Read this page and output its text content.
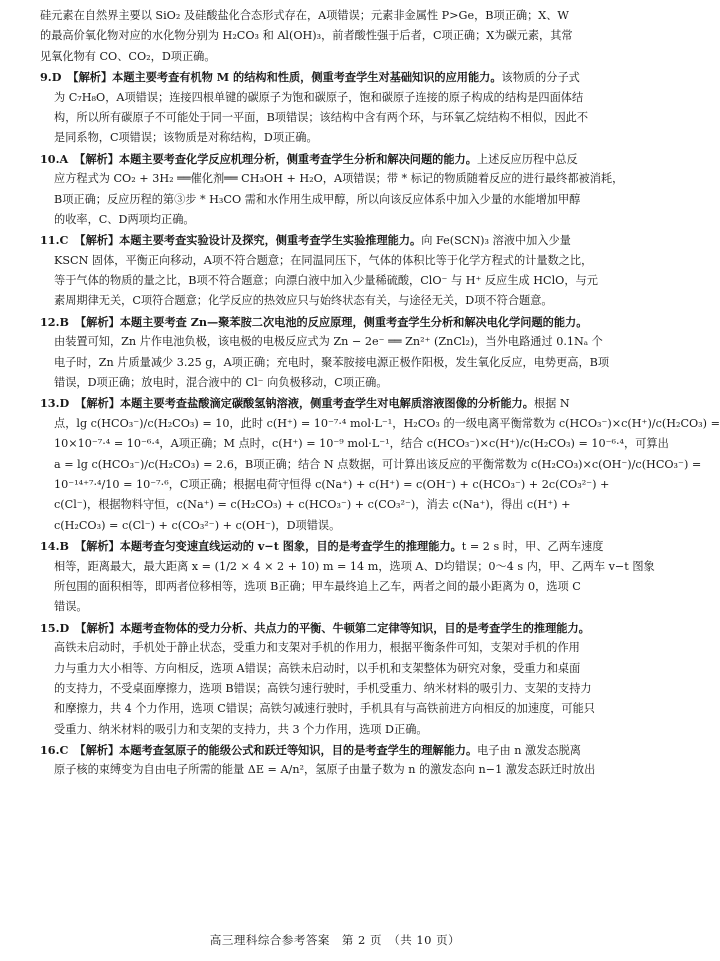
硅元素在自然界主要以 SiO₂ 及硅酸盐化合态形式存在，A项错误；元素非金属性 P>Ge，B项正确；X、W
的最高价氧化物对应的水化物分别为 H₂CO₃ 和 Al(OH)₃，前者酸性强于后者，C项正确；X为碳元素，其常
见氧化物有 CO、CO₂，D项正确。
9.D 【解析】本题主要考查有机物 M 的结构和性质，侧重考查学生对基础知识的应用能力。该物质的分子式
为 C₇H₈O，A项错误；连接四根单键的碳原子为饱和碳原子，饱和碳原子连接的原子构成的结构是四面体结
构，所以所有碳原子不可能处于同一平面，B项错误；该结构中含有两个环，与环氧乙烷结构不相似，因此不
是同系物，C项错误；该物质是对称结构，D项正确。
10.A 【解析】本题主要考查化学反应机理分析，侧重考查学生分析和解决问题的能力。上述反应历程中总反
应方程式为 CO₂ + 3H₂ ══催化剂══ CH₃OH + H₂O，A项错误；带 * 标记的物质随着反应的进行最终都被消耗，
B项正确；反应历程的第③步 * H₃CO 需和水作用生成甲醇，所以向该反应体系中加入少量的水能增加甲醇
的收率，C、D两项均正确。
11.C 【解析】本题主要考查实验设计及探究，侧重考查学生实验推理能力。向 Fe(SCN)₃ 溶液中加入少量
KSCN 固体，平衡正向移动，A项不符合题意；在同温同压下，气体的体积比等于化学方程式的计量数之比，
等于气体的物质的量之比，B项不符合题意；向漂白液中加入少量稀硫酸，ClO⁻ 与 H⁺ 反应生成 HClO，与元
素周期律无关，C项符合题意；化学反应的热效应只与始终状态有关，与途径无关，D项不符合题意。
12.B 【解析】本题主要考查 Zn—聚苯胺二次电池的反应原理，侧重考查学生分析和解决电化学问题的能力。
由装置可知，Zn 片作电池负极，该电极的电极反应式为 Zn − 2e⁻ ══ Zn²⁺ (ZnCl₂)，当外电路通过 0.1Nₐ 个
电子时，Zn 片质量减少 3.25 g，A项正确；充电时，聚苯胺接电源正极作阳极，发生氧化反应，电势更高，B项
错误，D项正确；放电时，混合液中的 Cl⁻ 向负极移动，C项正确。
13.D 【解析】本题主要考查盐酸滴定碳酸氢钠溶液，侧重考查学生对电解质溶液图像的分析能力。根据 N
点，lg c(HCO₃⁻)/c(H₂CO₃) = 10，此时 c(H⁺) = 10⁻⁷·⁴ mol·L⁻¹，H₂CO₃ 的一级电离平衡常数为 c(HCO₃⁻)×c(H⁺)/c(H₂CO₃) =
10×10⁻⁷·⁴ = 10⁻⁶·⁴，A项正确；M 点时，c(H⁺) = 10⁻⁹ mol·L⁻¹，结合 c(HCO₃⁻)×c(H⁺)/c(H₂CO₃) = 10⁻⁶·⁴，可算出
a = lg c(HCO₃⁻)/c(H₂CO₃) = 2.6，B项正确；结合 N 点数据，可计算出该反应的平衡常数为 c(H₂CO₃)×c(OH⁻)/c(HCO₃⁻) =
10⁻¹⁴⁺⁷·⁴/10 = 10⁻⁷·⁶，C项正确；根据电荷守恒得 c(Na⁺) + c(H⁺) = c(OH⁻) + c(HCO₃⁻) + 2c(CO₃²⁻) +
c(Cl⁻)，根据物料守恒，c(Na⁺) = c(H₂CO₃) + c(HCO₃⁻) + c(CO₃²⁻)，消去 c(Na⁺)，得出 c(H⁺) +
c(H₂CO₃) = c(Cl⁻) + c(CO₃²⁻) + c(OH⁻)，D项错误。
14.B 【解析】本题考查匀变速直线运动的 v−t 图象，目的是考查学生的推理能力。t = 2 s 时，甲、乙两车速度
相等，距离最大，最大距离 x = (1/2 × 4 × 2 + 10) m = 14 m，选项 A、D均错误；0～4 s 内，甲、乙两车 v−t 图象
所包围的面积相等，即两者位移相等，选项 B正确；甲车最终追上乙车，两者之间的最小距离为 0，选项 C
错误。
15.D 【解析】本题考查物体的受力分析、共点力的平衡、牛顿第二定律等知识，目的是考查学生的推理能力。
高铁未启动时，手机处于静止状态，受重力和支架对手机的作用力，根据平衡条件可知，支架对手机的作用
力与重力大小相等、方向相反，选项 A错误；高铁未启动时，以手机和支架整体为研究对象，受重力和桌面
的支持力，不受桌面摩擦力，选项 B错误；高铁匀速行驶时，手机受重力、纳米材料的吸引力、支架的支持力
和摩擦力，共 4 个力作用，选项 C错误；高铁匀减速行驶时，手机具有与高铁前进方向相反的加速度，可能只
受重力、纳米材料的吸引力和支架的支持力，共 3 个力作用，选项 D正确。
16.C 【解析】本题考查氢原子的能级公式和跃迁等知识，目的是考查学生的理解能力。电子由 n 激发态脱离
原子核的束缚变为自由电子所需的能量 ΔE = A/n²，氢原子由量子数为 n 的激发态向 n−1 激发态跃迁时放出
高三理科综合参考答案　第 2 页　（共 10 页）
